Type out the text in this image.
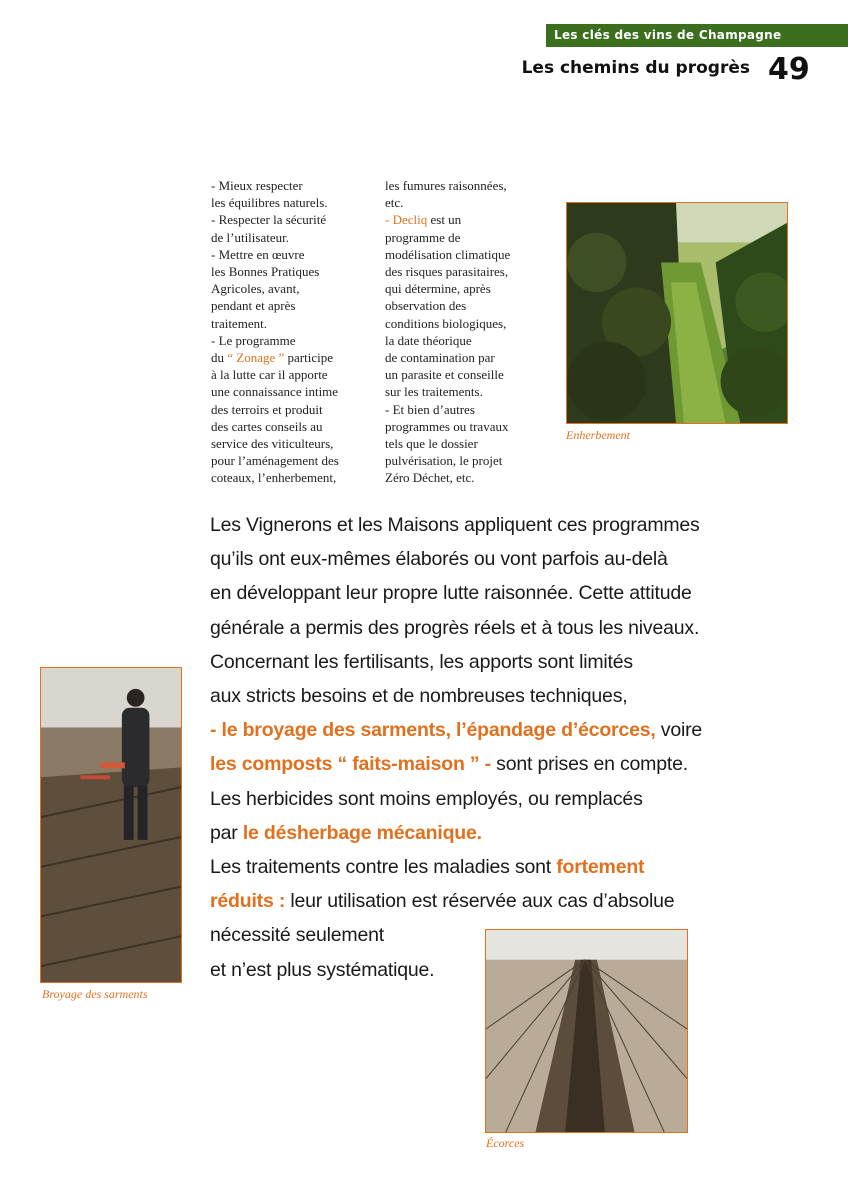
Les clés des vins de Champagne
Les chemins du progrès 49
- Mieux respecter
les équilibres naturels.
- Respecter la sécurité
de l’utilisateur.
- Mettre en œuvre
les Bonnes Pratiques
Agricoles, avant,
pendant et après
traitement.
- Le programme
du “ Zonage ” participe
à la lutte car il apporte
une connaissance intime
des terroirs et produit
des cartes conseils au
service des viticulteurs,
pour l’aménagement des
coteaux, l’enherbement,
les fumures raisonnées,
etc.
- Decliq est un
programme de
modélisation climatique
des risques parasitaires,
qui détermine, après
observation des
conditions biologiques,
la date théorique
de contamination par
un parasite et conseille
sur les traitements.
- Et bien d’autres
programmes ou travaux
tels que le dossier
pulvérisation, le projet
Zéro Déchet, etc.
Les Vignerons et les Maisons appliquent ces programmes
qu’ils ont eux-mêmes élaborés ou vont parfois au-delà
en développant leur propre lutte raisonnée. Cette attitude
générale a permis des progrès réels et à tous les niveaux.
Concernant les fertilisants, les apports sont limités
aux stricts besoins et de nombreuses techniques,
- le broyage des sarments, l’épandage d’écorces, voire
les composts “ faits-maison ” - sont prises en compte.
Les herbicides sont moins employés, ou remplacés
par le désherbage mécanique.
Les traitements contre les maladies sont fortement
réduits : leur utilisation est réservée aux cas d’absolue
nécessité seulement
et n’est plus systématique.
Enherbement
Broyage des sarments
Écorces
